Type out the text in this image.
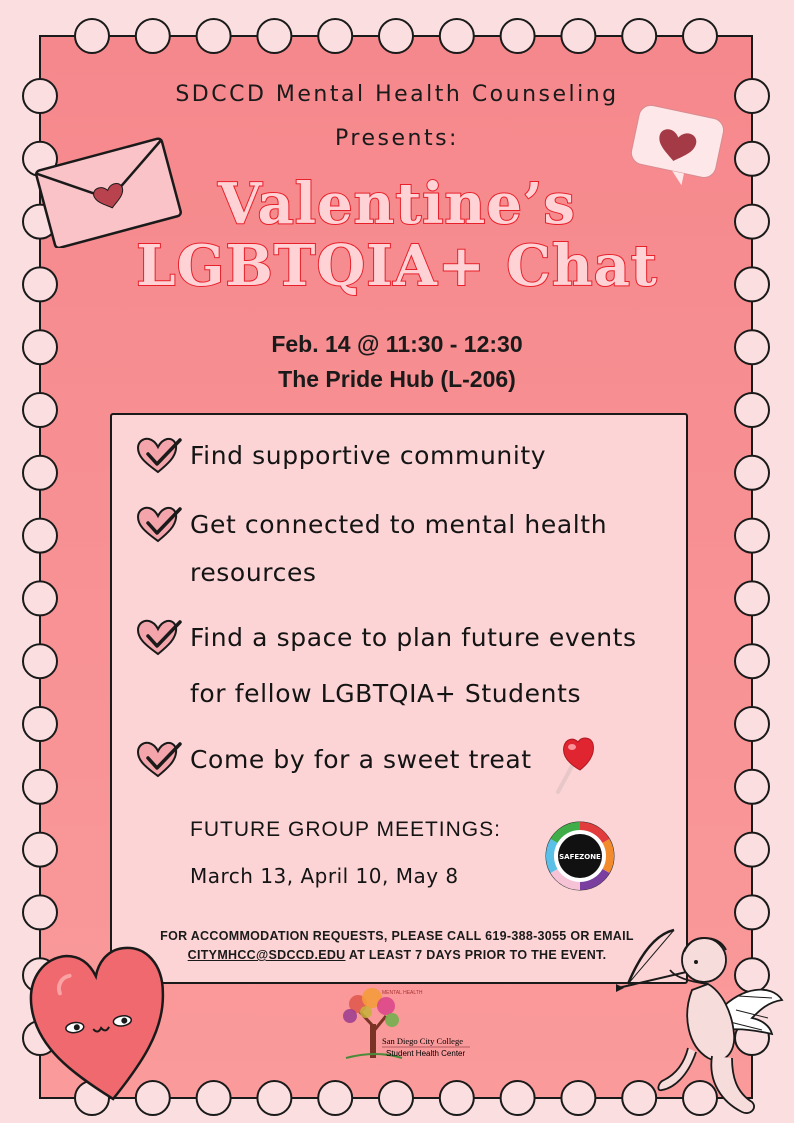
SDCCD Mental Health Counseling
Presents:
Valentine’s
LGBTQIA+ Chat
Feb. 14 @ 11:30 - 12:30
The Pride Hub (L-206)
Find supportive community
Get connected to mental health
resources
Find a space to plan future events
for fellow LGBTQIA+ Students
Come by for a sweet treat
FUTURE GROUP MEETINGS:
March 13, April 10, May 8
SAFEZONE
FOR ACCOMMODATION REQUESTS, PLEASE CALL 619-388-3055 OR EMAIL
CITYMHCC@SDCCD.EDU AT LEAST 7 DAYS PRIOR TO THE EVENT.
MENTAL HEALTH
San Diego City College
Student Health Center
